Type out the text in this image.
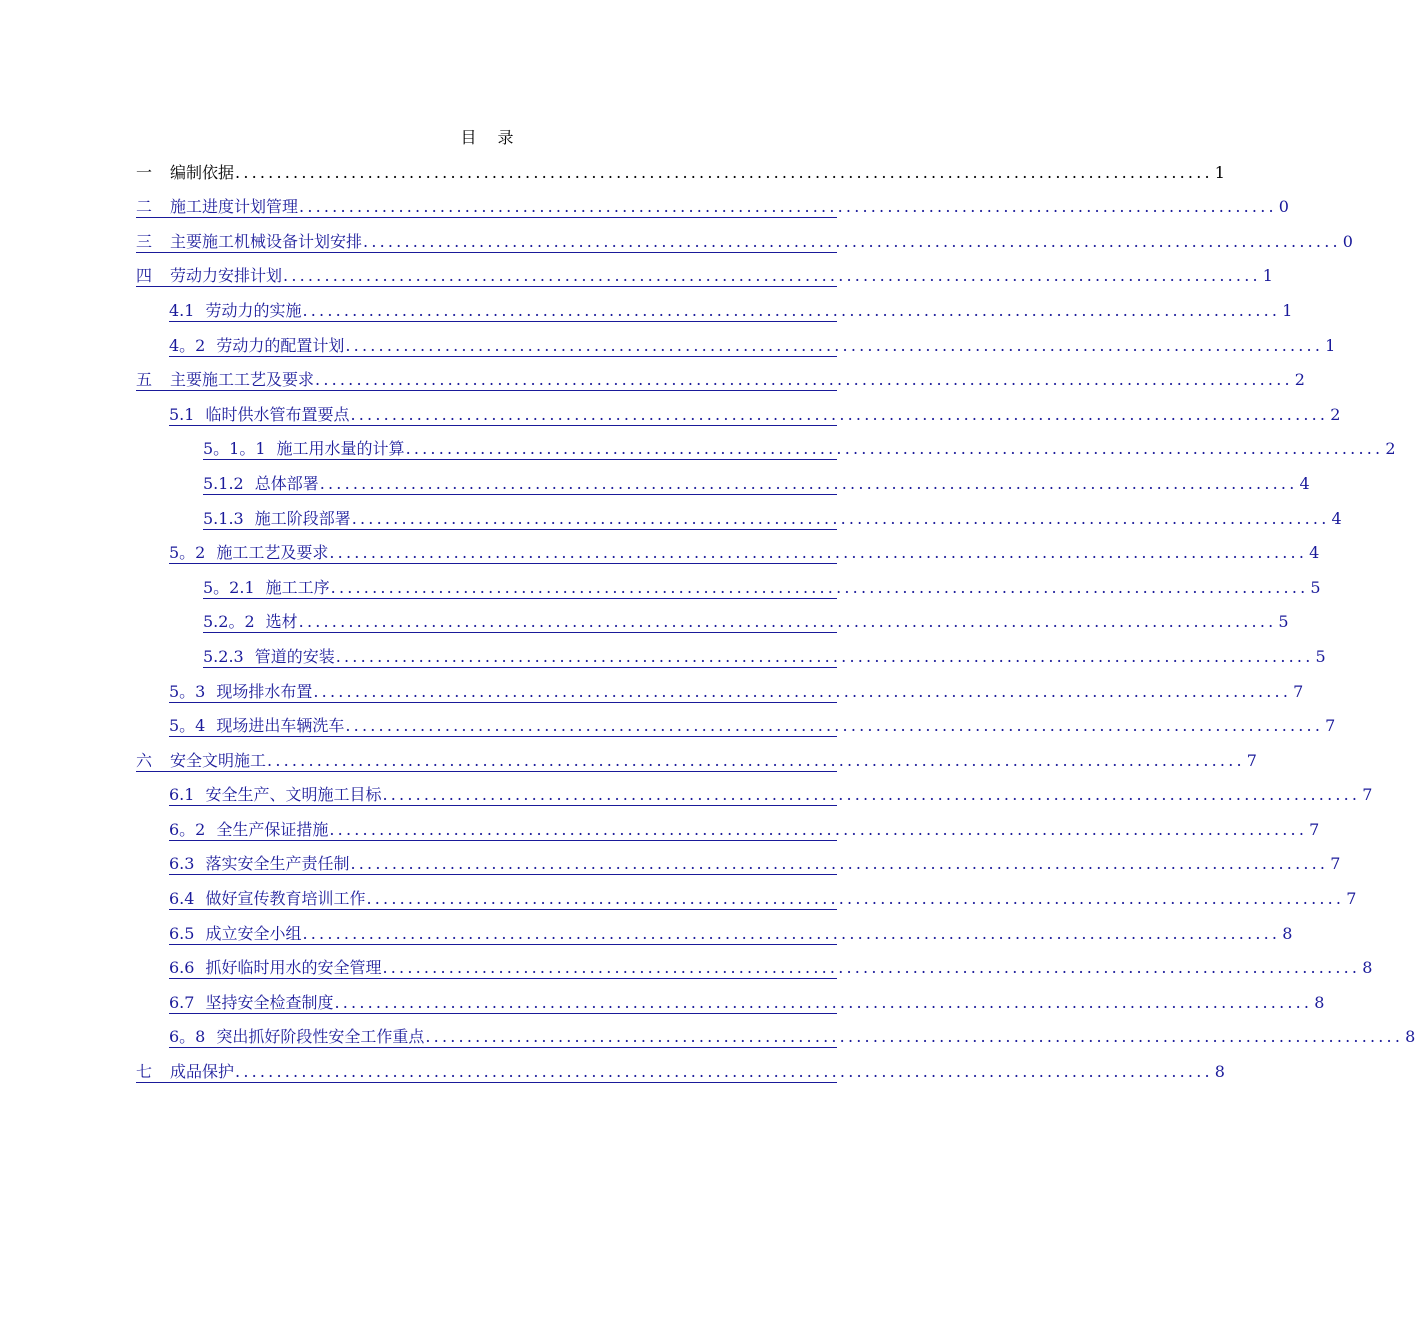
目 录
一 编制依据 ...................................................................................................................... 1
二 施工进度计划管理 ...................................................................................................................... 0
三 主要施工机械设备计划安排 ...................................................................................................................... 0
四 劳动力安排计划 ...................................................................................................................... 1
4.1 劳动力的实施 ...................................................................................................................... 1
4。2 劳动力的配置计划 ...................................................................................................................... 1
五 主要施工工艺及要求 ...................................................................................................................... 2
5.1 临时供水管布置要点 ...................................................................................................................... 2
5。1。1 施工用水量的计算 ...................................................................................................................... 2
5.1.2 总体部署 ...................................................................................................................... 4
5.1.3 施工阶段部署 ...................................................................................................................... 4
5。2 施工工艺及要求 ...................................................................................................................... 4
5。2.1 施工工序 ...................................................................................................................... 5
5.2。2 选材 ...................................................................................................................... 5
5.2.3 管道的安装 ...................................................................................................................... 5
5。3 现场排水布置 ...................................................................................................................... 7
5。4 现场进出车辆洗车 ...................................................................................................................... 7
六 安全文明施工 ...................................................................................................................... 7
6.1 安全生产、文明施工目标 ...................................................................................................................... 7
6。2 全生产保证措施 ...................................................................................................................... 7
6.3 落实安全生产责任制 ...................................................................................................................... 7
6.4 做好宣传教育培训工作 ...................................................................................................................... 7
6.5 成立安全小组 ...................................................................................................................... 8
6.6 抓好临时用水的安全管理 ...................................................................................................................... 8
6.7 坚持安全检查制度 ...................................................................................................................... 8
6。8 突出抓好阶段性安全工作重点 ...................................................................................................................... 8
七 成品保护 ...................................................................................................................... 8
